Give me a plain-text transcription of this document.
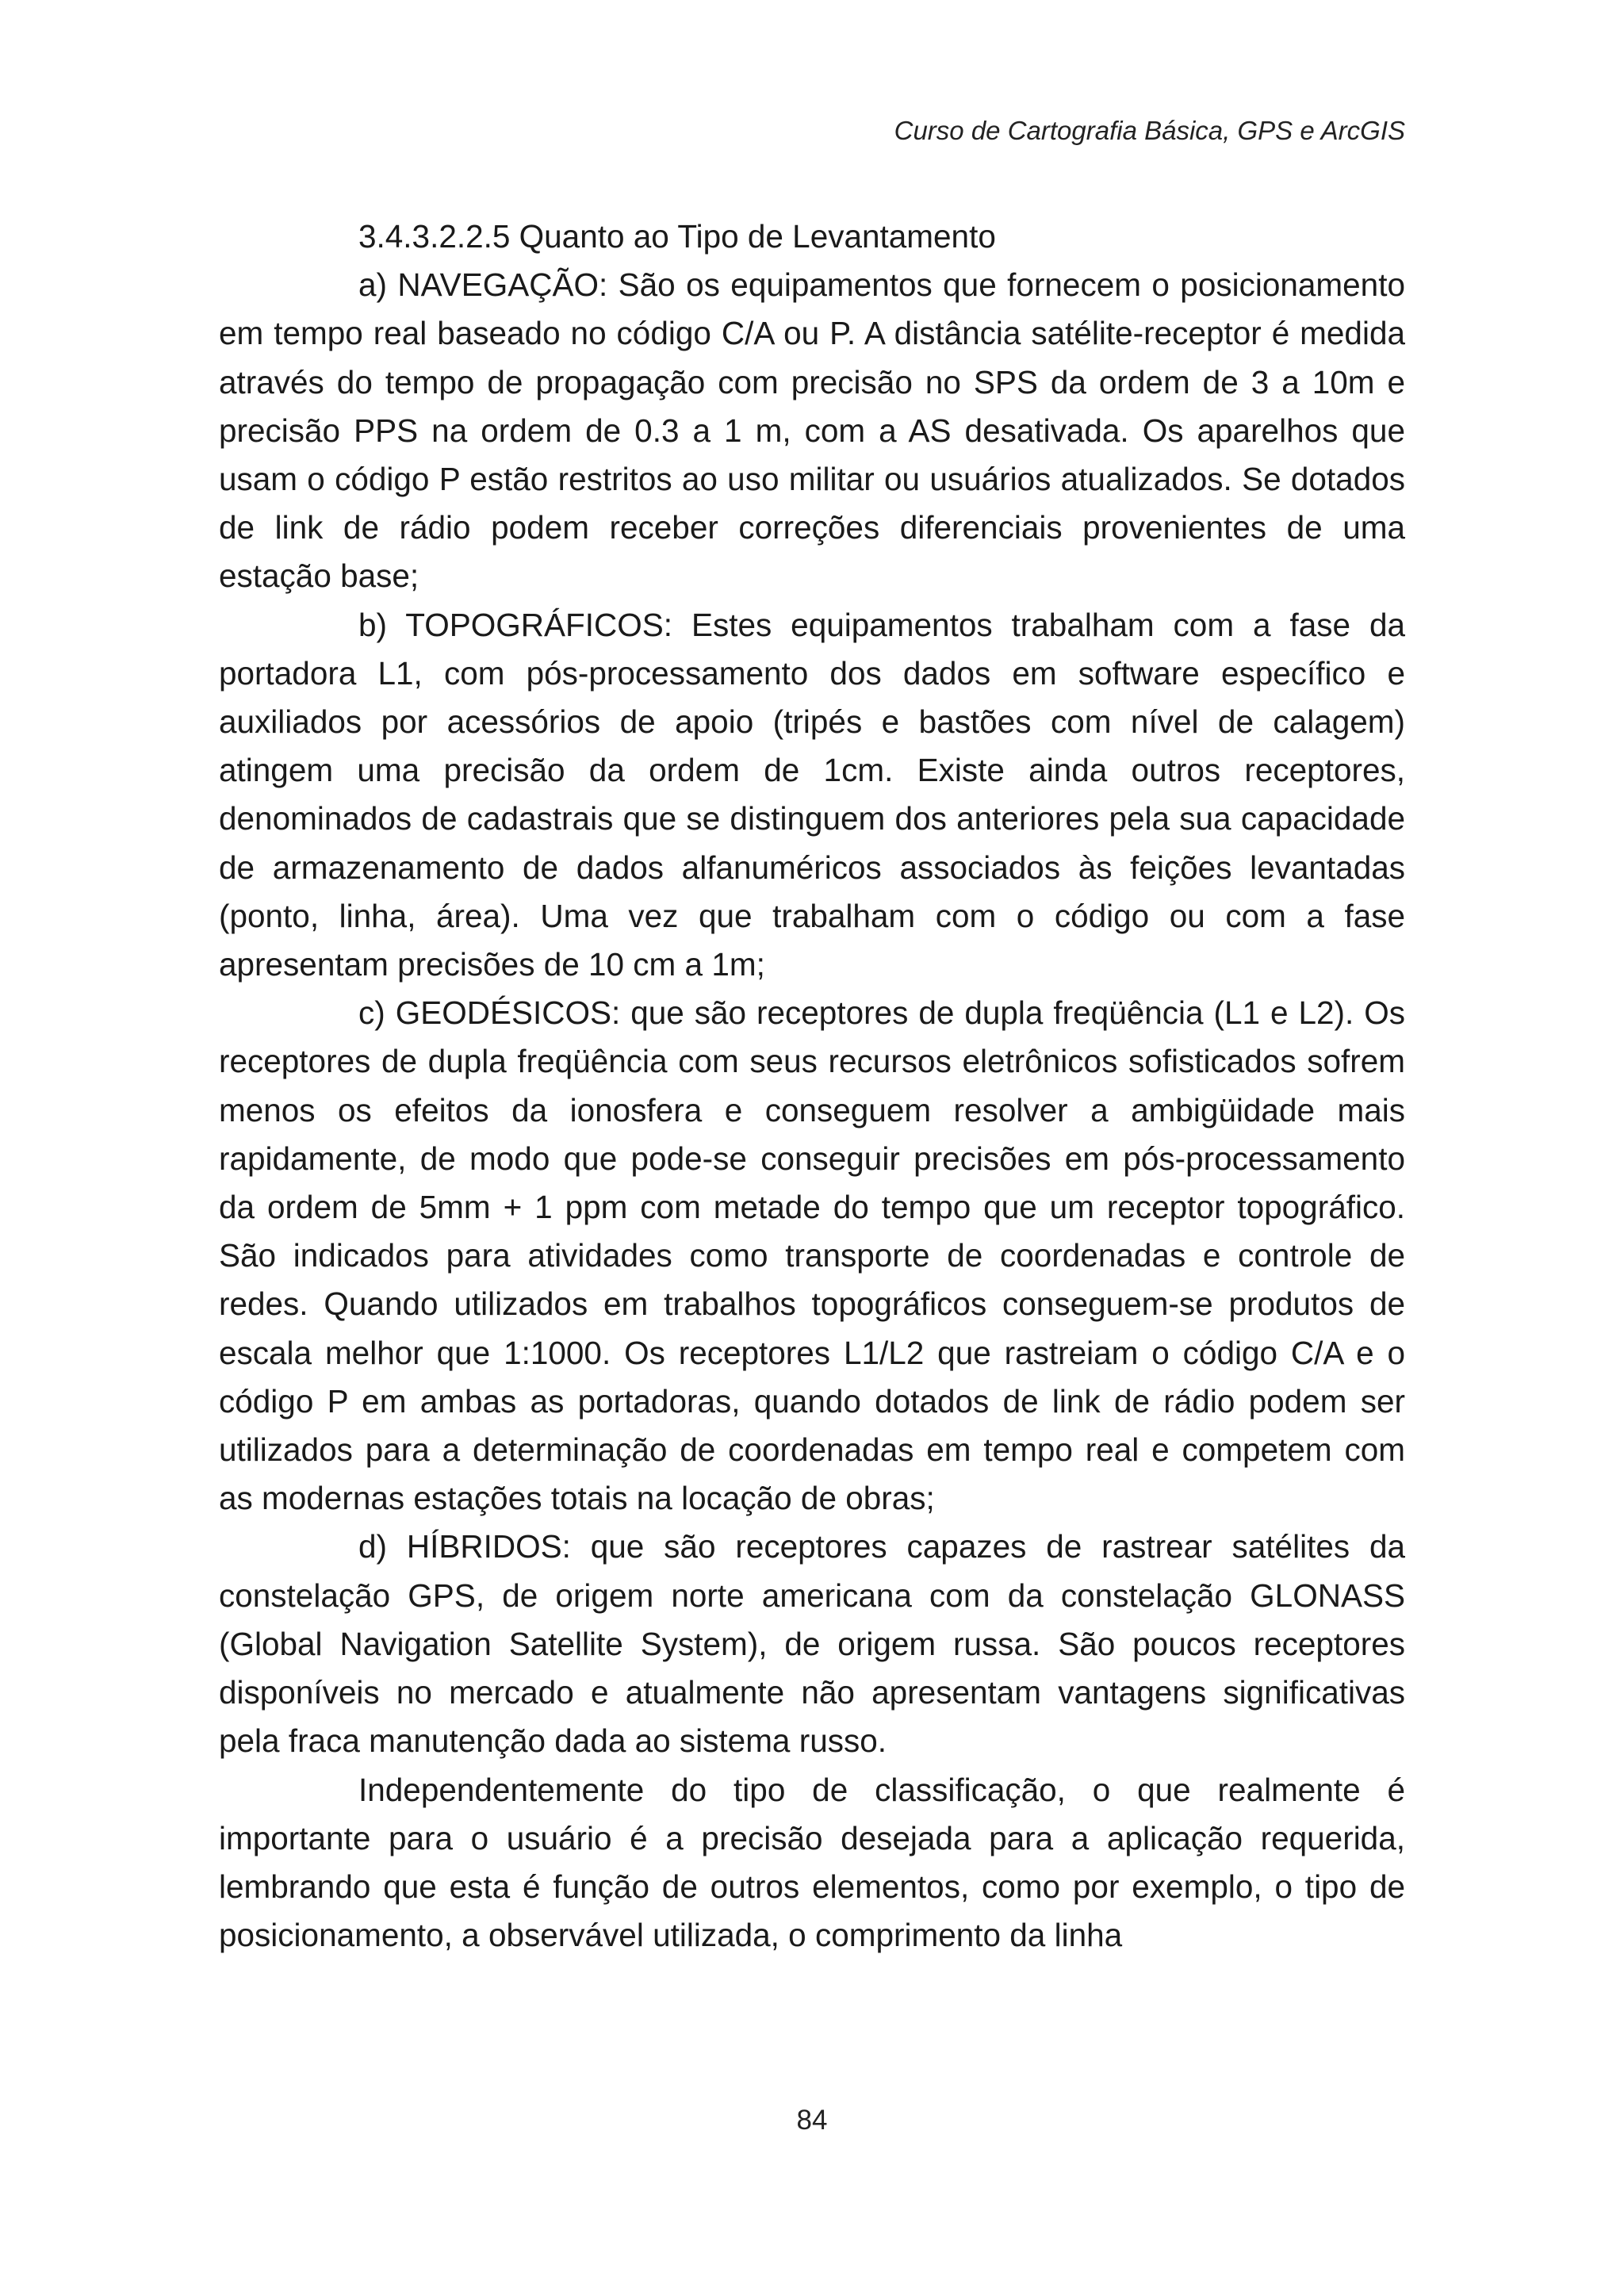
Curso de Cartografia Básica, GPS e ArcGIS

3.4.3.2.2.5 Quanto ao Tipo de Levantamento

a) NAVEGAÇÃO: São os equipamentos que fornecem o posicionamento em tempo real baseado no código C/A ou P. A distância satélite-receptor é medida através do tempo de propagação com precisão no SPS da ordem de 3 a 10m e precisão PPS na ordem de 0.3 a 1 m, com a AS desativada. Os aparelhos que usam o código P estão restritos ao uso militar ou usuários atualizados. Se dotados de link de rádio podem receber correções diferenciais provenientes de uma estação base;

b) TOPOGRÁFICOS: Estes equipamentos trabalham com a fase da portadora L1, com pós-processamento dos dados em software específico e auxiliados por acessórios de apoio (tripés e bastões com nível de calagem) atingem uma precisão da ordem de 1cm. Existe ainda outros receptores, denominados de cadastrais que se distinguem dos anteriores pela sua capacidade de armazenamento de dados alfanuméricos associados às feições levantadas (ponto, linha, área). Uma vez que trabalham com o código ou com a fase apresentam precisões de 10 cm a 1m;

c) GEODÉSICOS: que são receptores de dupla freqüência (L1 e L2). Os receptores de dupla freqüência com seus recursos eletrônicos sofisticados sofrem menos os efeitos da ionosfera e conseguem resolver a ambigüidade mais rapidamente, de modo que pode-se conseguir precisões em pós-processamento da ordem de 5mm + 1 ppm com metade do tempo que um receptor topográfico. São indicados para atividades como transporte de coordenadas e controle de redes. Quando utilizados em trabalhos topográficos conseguem-se produtos de escala melhor que 1:1000. Os receptores L1/L2 que rastreiam o código C/A e o código P em ambas as portadoras, quando dotados de link de rádio podem ser utilizados para a determinação de coordenadas em tempo real e competem com as modernas estações totais na locação de obras;

d) HÍBRIDOS: que são receptores capazes de rastrear satélites da constelação GPS, de origem norte americana com da constelação GLONASS (Global Navigation Satellite System), de origem russa. São poucos receptores disponíveis no mercado e atualmente não apresentam vantagens significativas pela fraca manutenção dada ao sistema russo.

Independentemente do tipo de classificação, o que realmente é importante para o usuário é a precisão desejada para a aplicação requerida, lembrando que esta é função de outros elementos, como por exemplo, o tipo de posicionamento, a observável utilizada, o comprimento da linha

84
